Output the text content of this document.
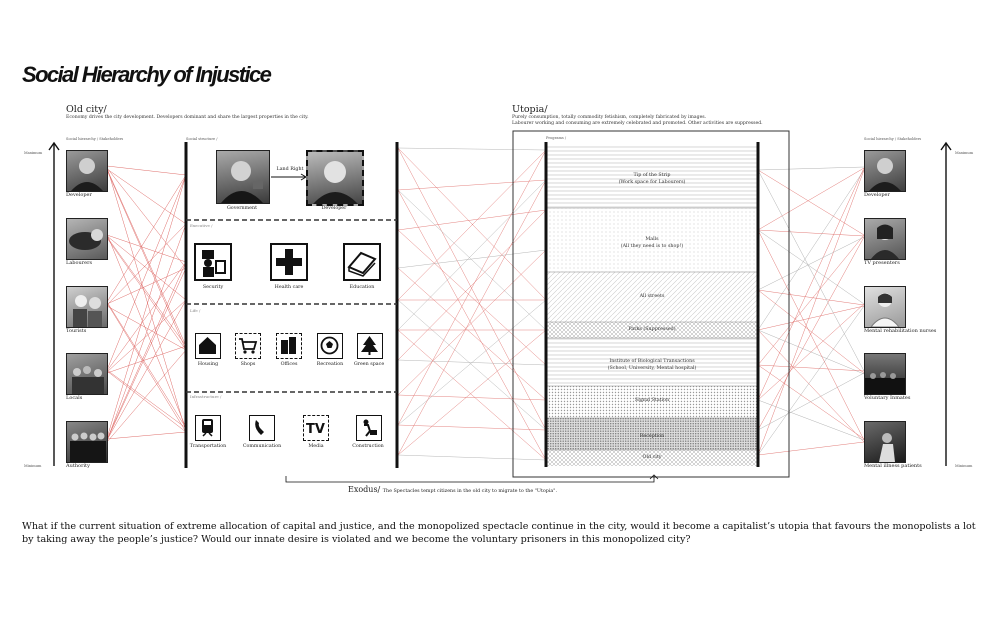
Social Hierarchy of Injustice
Old city/
Economy drives the city development. Developers dominant and share the largest properties in the city.
Social hierarchy / Stakeholders	Social structure /
Maximum
Minimum
Developer
Labourers
Tourists
Locals
Authority
Government
Land Right
Developer
Executive /
Security	Health care	Education
Life /
Housing	Shops	Offices	Recreation	Green space
Infrastructure /
Transportation	Communication
TV
Media	Construction
Utopia/
Purely consumption, totally commodity fetishism, completely fabricated by images.
Labourer working and consuming are extremely celebrated and promoted. Other activities are suppressed.
Programs /
Tip of the Strip
(Work space for Labourers)
Malls
(All they need is to shop!)
All streets
Parks (Suppressed)
Institute of Biological Transactions
(School, University, Mental hospital)
Signal Station
Reception
Old city
Social hierarchy / Stakeholders
Maximum
Minimum
Developer
TV presenters
Mental rehabilitation nurses
Voluntary Inmates
Mental illness patients
Exodus/ The Spectacles tempt citizens in the old city to migrate to the "Utopia".
What if the current situation of extreme allocation of capital and justice, and the monopolized spectacle continue in the city, would it become a capitalist’s utopia that favours the monopolists a lot by taking away the people’s justice? Would our innate desire is violated and we become the voluntary prisoners in this monopolized city?
